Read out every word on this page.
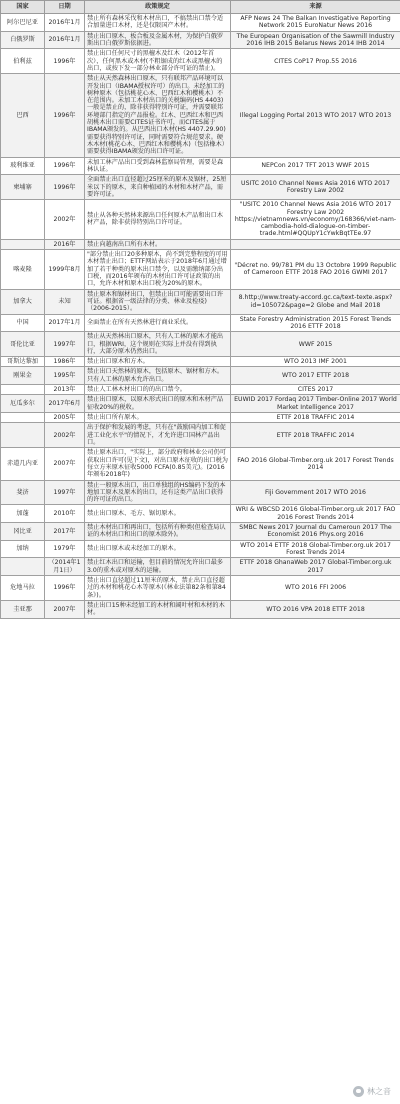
国家	日期	政策规定	来源
阿尔巴尼亚	2016年1月	禁止所有森林采伐和木材出口，不搞禁出口禁令适合加量进口木材，还是仅限国产木材。	AFP News 24 The Balkan Investigative Reporting Network 2015 EuroNatur News 2016
白俄罗斯	2016年1月	禁止出口原木、板合板及金属木材，为保护白俄罗斯出口白俄罗斯依据进。	The European Organisation of the Sawmill Industry 2016 IHB 2015 Belarus News 2014 IHB 2014
伯利兹	1996年	禁止出口任何尺寸的黑檀木及红木（2012年首次），任何黑木或木材(不粗锯成的红木或黑檀木的出口，或按下发一部分林业部分许可证的禁止)。	CITES CoP17 Prop.55 2016
巴西	1996年	禁止从天然森林出口原木，只有联邦产品环境可以开发出口（IBAMA授权许可）的出口。未经加工的树种原木（包括桃花心木、巴西红木和樱桃木）不在范围内。未加工木材出口的关税编码(HS 4403)一般是禁止的，除非获得特别许可证，并需要联邦环境部门指定的产品报检。红木、巴西红木和巴西胡桃木出口需要CITES证书许可，而CITES属于IBAMA颁发的。从巴西出口木材(HS 4407.29.90)需要获得特别许可证，同时需要符合规范要求。硬木木材(桃花心木、巴西红木和樱桃木)（包括橡木）需要获得IBAMA颁发的出口许可证。	Illegal Logging Portal 2013 WTO 2017 WTO 2013
玻利维亚	1996年	未加工林产品出口受到森林监察局管理，需要是森林认证。	NEPCon 2017 TFT 2013 WWF 2015
柬埔寨	1996年	全面禁止出口直径超过25厘米的原木及锯材，25厘米以下的原木，来自种植园的木材和木材产品，需要许可证。	USITC 2010 Channel News Asia 2016 WTO 2017 Forestry Law 2002
	2002年	禁止从各种天然林来源出口任何原木产品和出口木材产品，除非获得特别出口许可证。	"USITC 2010 Channel News Asia 2016 WTO 2017 Forestry Law 2002 https://vietnamnews.vn/economy/168366/viet-nam-cambodia-hold-dialogue-on-timber-trade.html#QQUpY1cYwkBqtTEe.97
	2016年	禁止向越南出口所有木材。	
喀麦隆	1999年8月	"部分禁止出口20多种原木，尚不到完整程度的可用木材禁止出口；ETTF网站表示于2018年6月通过增加了若干种类的原木出口禁令，以及需缴纳部分出口税，而2016年颁布的木材出口许可证政策的出口，允许木材和原木出口税为20%的原木。	"Décret no. 99/781 PM du 13 Octobre 1999 Republic of Cameroon ETTF 2018 FAO 2016 GWMI 2017
加拿大	未知	禁止原木和锯材出口，但禁止出口可能需要出口许可证。根据省一级法律的分类、林业及检疫)（2006-2015）。	8.http://www.treaty-accord.gc.ca/text-texte.aspx?id=105072&page=2 Globe and Mail 2018
中国	2017年1月	全面禁止在所有天然林进行商业采伐。	State Forestry Administration 2015 Forest Trends 2016 ETTF 2018
哥伦比亚	1997年	禁止从天然林出口原木，只有人工林的原木才能出口，根据WRI，这个规则在实际上并没有得到执行，大部分原木仍然出口。	WWF 2015
哥斯达黎加	1986年	禁止出口原木和方木。	WTO 2013 IMF 2001
刚果金	1995年	禁止出口天然林的原木，包括原木、锯材和方木。只有人工林的原木允许出口。	WTO 2017 ETTF 2018
	2013年	禁止人工林木材出口的的出口禁令。	CITES 2017
厄瓜多尔	2017年6月	禁止出口原木，以原木形式出口的原木和木材产品征收20%的税收。	EUWID 2017 Fordaq 2017 Timber-Online 2017 World Market Intelligence 2017
	2005年	禁止出口所有原木。	ETTF 2018 TRAFFIC 2014
	2002年	出于保护和发展的考虑，只有在"鼓励国内加工和促进工业化水平"的情况下，才允许进口国林产品出口。	ETTF 2018 TRAFFIC 2014
赤道几内亚	2007年	禁止原木出口，"实际上，部分政府和林业公司仍可获取出口许可(见下文)，对出口原木征收的出口税为每立方米原木征收5000 FCFA(0.85美元)。(2016年颁布2018年)	FAO 2016 Global-Timber.org.uk 2017 Forest Trends 2014
斐济	1997年	禁止一般原木出口，出口单独组的HS编码下发的本地加工原木及原木的出口，还有这类产品出口获得的许可证的出口。	Fiji Government 2017 WTO 2016
加蓬	2010年	禁止出口原木、毛方、锯切原木。	WRI & WBCSD 2016 Global-Timber.org.uk 2017 FAO 2016 Forest Trends 2014
冈比亚	2017年	禁止木材出口和再出口，包括所有种类(但检查局认证的木材出口和出口的原木除外)。	SMBC News 2017 Journal du Cameroun 2017 The Economist 2016 Phys.org 2016
加纳	1979年	禁止出口原木或未经加工的原木。	WTO 2014 ETTF 2018 Global-Timber.org.uk 2017 Forest Trends 2014
	（2014年1月1日）	禁止红木出口和运输，但目前的情况允许出口最多3.0的重木或对原木的运输。	ETTF 2018 GhanaWeb 2017 Global-Timber.org.uk 2017
危地马拉	1996年	禁止出口直径超过11厘米的原木，禁止出口直径超过的木材和桃花心木等原木(《林业法第82条和第84条》)。	WTO 2016 FFI 2006
圭亚那	2007年	禁止出口15种未经加工的木材和阔叶材和木材的木材。	WTO 2016 VPA 2018 ETTF 2018
林之音
